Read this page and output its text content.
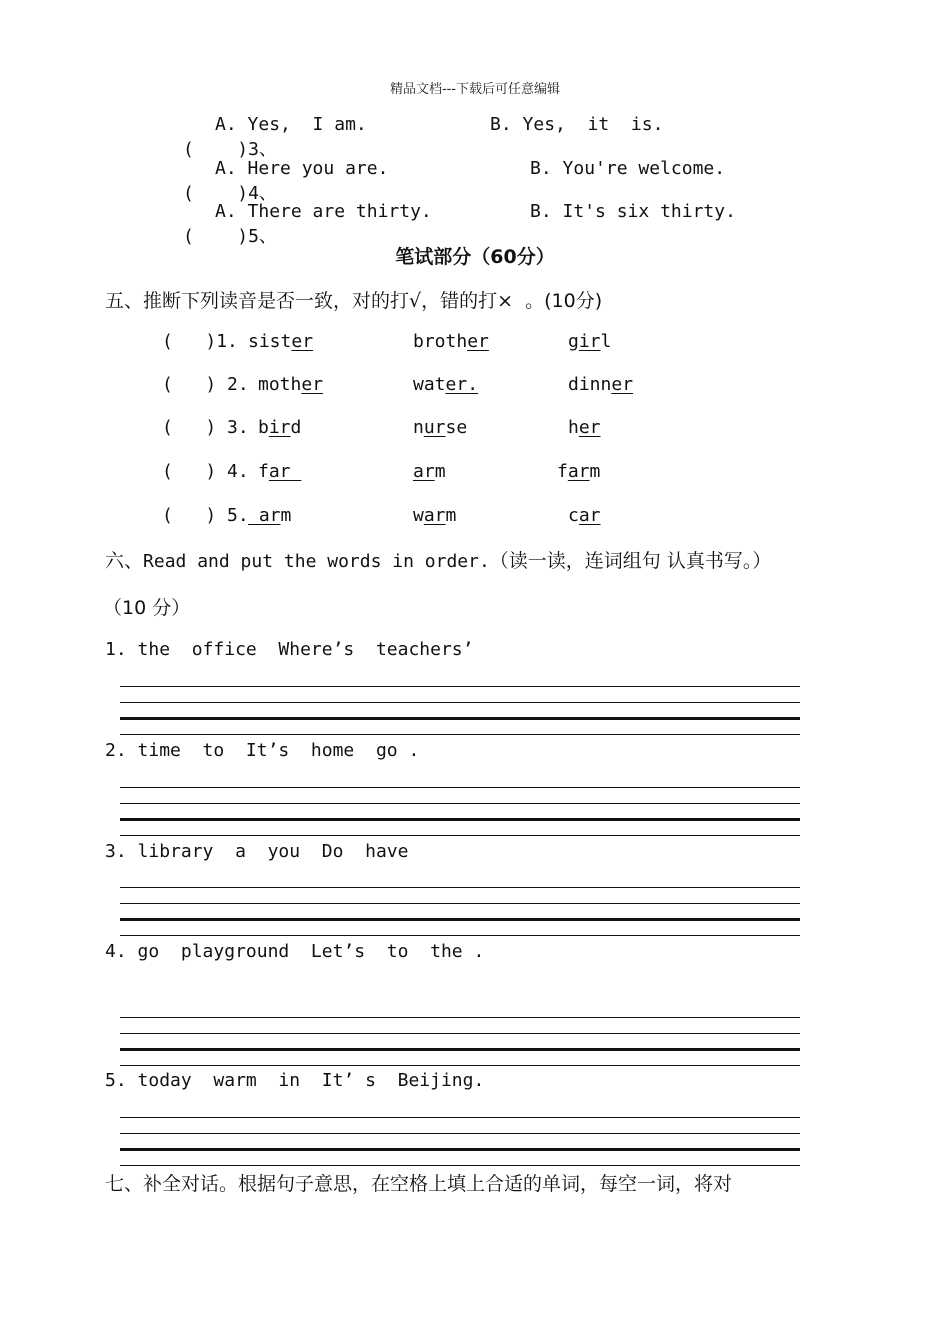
精品文档---下载后可任意编辑

(    )3、

A. Yes,  I am.	B. Yes,  it  is.

(    )4、

A. Here you are.	B. You're welcome.

(    )5、

A. There are thirty.	B. It's six thirty.
笔试部分（60分）
五、推断下列读音是否一致，对的打√，错的打×  。(10分)
(   )1. sister	brother	girl
(   ) 2. mother	water.	dinner
(   ) 3. bird	nurse	her
(   ) 4. far	arm	farm
(   ) 5. arm	warm	car
六、Read and put the words in order.（读一读，连词组句 认真书写。）
（10 分）
1. the  office  Where’s  teachers’
2. time  to  It’s  home  go .
3. library  a  you  Do  have
4. go  playground  Let’s  to  the .
5. today  warm  in  It’ s  Beijing.
七、补全对话。根据句子意思，在空格上填上合适的单词，每空一词，将对
